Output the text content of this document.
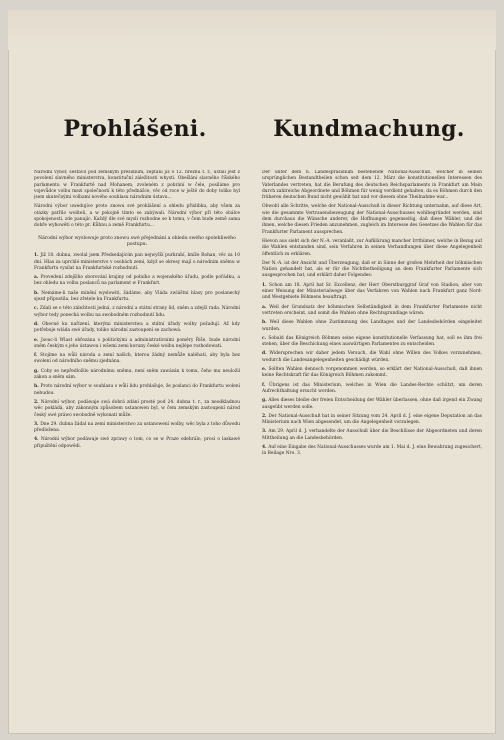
Prohlášeni.	Kundmachung.

Národní výbor, sestavil pod zemským presidium, zeptání již o 12. březnu t. r., ustálí jest z povolení slavného ministerstva, konstituční záležitosti whystí. Obešlání slavného říšského parlamentu w Frankfurtě nad Mohanem, zvoleném z pobrání w čele, posíláme pro vojevůdce volbu mezi společností k této přednášce, věc od roce w ještě do doby toliko byl jsem skutečnými volbami nového souhlasu národním ústavu...

Národní výbor uwedujíce proto znowu své prohlášení a ohledu přislibku, aby všem za otázky patřilo woliteli, a w pokojně tímto se zabýwali. Národní výbor při této obálce spokojenosti, zde panujíc. Každý dle své mysli rozhodne se k tomu, v čem bude země sama dobře wyhowěti o této pr. Kůhnu a země Frankfurtu...

Národní wýbor wyslowuje proto znowu swé přejednání a ohledu swého spolehliwého postupu:

1. Již 18. dubna, zwolal jsem Předsedajícím pan nejwyšší purkrabí, kníže Rohan, věc za 10 dní. Hlas za uprchlé ministerstvo v osobách zemí, když se okresy mají o národním sněmu w Frankfurtu vysílat na Frankfurtské rozhodnutí.

a. Provedení zdejšího sborování krajiny od polního a wojenského úřadu, podle pořádku, a bez ohledu na volbu poslanců na parlament w Frankfurt.

b. Nemáme-li naše mínění wyslowiti, žádáme, aby Vláda zwláštní hlasy pro poslanecký sjezd připustila, bez zřetele ku Frankfurtu.

c. Zdali se o této záležitosti jedná, z národní a státní strany lid, sněm a zdejší rada. Národní wýbor tedy ponechá wolbu na swobodném rozhodnutí lidu.

d. Obecné ku nařízení, kterými ministerstwa a státní úřady wolby požadují. Až kdy potřebuje wláda swé úřady, toliko národní zastoupení se zachowá.

e. Jsouc-li Wlast obřezána s politickými a administrativními poměry Říše, bude národní sněm českým s jeho ústawou i wšemi zemi koruny české wolbu nejlépe rozhodowati.

f. Stojíme na wůli národa a zemí našich, kterou žádný nemůže naléhati, aby byla bez swolení od národního sněmu zjednána.

g. Coby se nepředložilo národnímu sněmu, není sněm zawázán k tomu, čeho mu neuložil zákon a sněm sám.

h. Proto národní wýbor w souhlasu s wůlí lidu prohlašuje, že poslanci do Frankfurtu wolení nebudou.

2. Národní wýbor, podáwaje swá dobrá zdání prosté pod 24. dubna t. r., za neodkladnou wěc pokládá, aby zákonným způsobem ustanowen byl, w čem zemským zastoupení národ český swé práwo swobodně wykonati může.

3. Dne 29. dubna žádal na zemi ministerstwo za ustanowení wolby, wěc byla z toho důwodu předložena.

4. Národní wýbor podáwaje swé zprawy o tom, co se w Praze odehrálo, prosí o laskawé připuštění odpowědi.

Der unter dem h. Landespräsidium bestehende National-Ausschuß, welcher in seinen ursprünglichen Bestandtheilen schon seit dem 12. März die konstitutionellen Interessen des Vaterlandes vertreten, hat die Berufung des deutschen Reichsparlaments in Frankfurt am Main durch zahlreiche Abgeordnete und Böhmen für wenig verdient gehalten, da es Böhmen durch den früheren deutschen Bund nicht gewählt hat und vor diesem ohne Theilnahme war...

Obwohl alle Schritte, welche der National-Ausschuß in dieser Richtung unternahm, auf diese Art, wie die gesammte Vertrauensbezeugung der National-Ausschusses wohlbegründet werden, sind dem durchaus die Wünsche anderer, die Hoffnungen gegenseitig, daß diese Wähler, und die ihnen, welche diesen Frieden anzunehmen, zugleich im Interesse des Gesetzes die Wahlen für das Frankfurter Parlament aussprechen.

Hievon aus sieht sich der N.-A. veranlaßt, zur Aufklärung mancher Irrthümer, welche in Bezug auf die Wahlen entstanden sind, sein Verfahren in seinen Verhandlungen über diese Angelegenheit öffentlich zu erklären.

Der N.-A. ist der Ansicht und Überzeugung, daß er in Sinne der großen Mehrheit der böhmischen Nation gehandelt hat, als er für die Nichtbetheiligung an dem Frankfurter Parlamente sich ausgesprochen hat, und erklärt daher Folgendes:

1. Schon am 18. April hat Sr. Excellenz, der Herr Oberstburggraf Graf von Stadion, aber von einer Weisung der Ministerialwege über das Verfahren von Wahlen nach Frankfurt ganz Nord- und Westgebiete Böhmens beauftragt.

a. Weil der Grundsatz der böhmischen Selbständigkeit in dem Frankfurter Parlamente nicht vertreten erscheint, und somit die Wahlen ohne Rechtsgrundlage wären.

b. Weil diese Wahlen ohne Zustimmung des Landtages und der Landesbehörden eingeleitet wurden.

c. Sobald das Königreich Böhmen seine eigene konstitutionelle Verfassung hat, soll es ihm frei stehen, über die Beschickung eines auswärtigen Parlamentes zu entscheiden.

d. Widersprechen wir daher jedem Versuch, die Wahl ohne Willen des Volkes vorzunehmen, wodurch die Landesangelegenheiten geschädigt würden.

e. Sollten Wahlen dennoch vorgenommen werden, so erklärt der National-Ausschuß, daß ihnen keine Rechtskraft für das Königreich Böhmen zukommt.

f. Übrigens ist das Ministerium, welches in Wien die Landes-Rechte schützt, um deren Aufrechthaltung ersucht worden.

g. Alles dieses bleibe der freien Entscheidung der Wähler überlassen, ohne daß irgend ein Zwang ausgeübt werden solle.

2. Der National-Ausschuß hat in seiner Sitzung vom 24. April d. J. eine eigene Deputation an das Ministerium nach Wien abgesendet, um die Angelegenheit vorzulegen.

3. Am 29. April d. J. verhandelte der Ausschuß über die Beschlüsse der Abgeordneten und deren Mittheilung an die Landesbehörden.

4. Auf eine Eingabe des National-Ausschusses wurde am 1. Mai d. J. eine Bewahrung zugesichert, in Beilage Nro. 3.
